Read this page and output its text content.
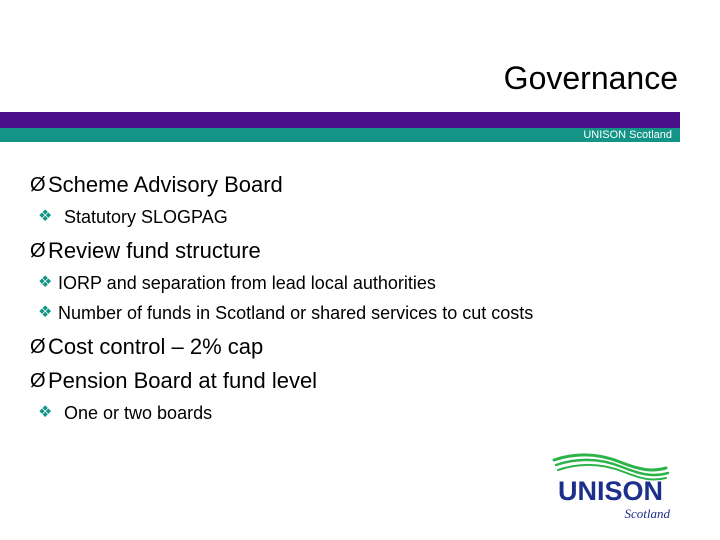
Governance
UNISON Scotland
Ø Scheme Advisory Board
❖ Statutory SLOGPAG
Ø Review fund structure
❖ IORP and separation from lead local authorities
❖ Number of funds in Scotland or shared services to cut costs
Ø Cost control – 2% cap
Ø Pension Board at fund level
❖ One or two boards
UNISON
Scotland
